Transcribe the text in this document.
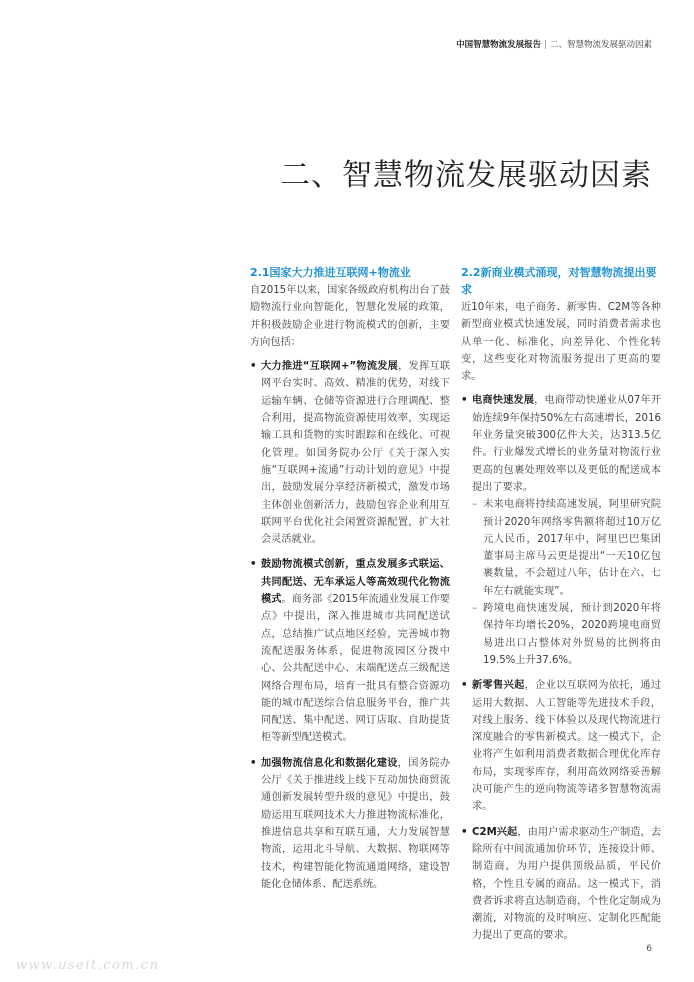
中国智慧物流发展报告 | 二、智慧物流发展驱动因素
二、智慧物流发展驱动因素
2.1国家大力推进互联网+物流业

自2015年以来，国家各级政府机构出台了鼓励物流行业向智能化，智慧化发展的政策，并积极鼓励企业进行物流模式的创新，主要方向包括：

• 大力推进“互联网+”物流发展，发挥互联网平台实时、高效、精准的优势，对线下运输车辆、仓储等资源进行合理调配、整合利用，提高物流资源使用效率，实现运输工具和货物的实时跟踪和在线化、可视化管理。如国务院办公厅《关于深入实施“互联网+流通”行动计划的意见》中提出，鼓励发展分享经济新模式，激发市场主体创业创新活力，鼓励包容企业利用互联网平台优化社会闲置资源配置，扩大社会灵活就业。
• 鼓励物流模式创新，重点发展多式联运、共同配送、无车承运人等高效现代化物流模式。商务部《2015年流通业发展工作要点》中提出，深入推进城市共同配送试点，总结推广试点地区经验，完善城市物流配送服务体系，促进物流园区分拨中心、公共配送中心、末端配送点三级配送网络合理布局，培育一批具有整合资源功能的城市配送综合信息服务平台，推广共同配送、集中配送、网订店取、自助提货柜等新型配送模式。
• 加强物流信息化和数据化建设，国务院办公厅《关于推进线上线下互动加快商贸流通创新发展转型升级的意见》中提出，鼓励运用互联网技术大力推进物流标准化，推进信息共享和互联互通，大力发展智慧物流，运用北斗导航、大数据、物联网等技术，构建智能化物流通道网络，建设智能化仓储体系、配送系统。
2.2新商业模式涌现，对智慧物流提出要求

近10年来，电子商务、新零售、C2M等各种新型商业模式快速发展，同时消费者需求也从单一化、标准化，向差异化、个性化转变，这些变化对物流服务提出了更高的要求。

• 电商快速发展，电商带动快递业从07年开始连续9年保持50%左右高速增长，2016年业务量突破300亿件大关，达313.5亿件。行业爆发式增长的业务量对物流行业更高的包裹处理效率以及更低的配送成本提出了要求。
– 未来电商将持续高速发展，阿里研究院预计2020年网络零售额将超过10万亿元人民币，2017年中，阿里巴巴集团董事局主席马云更是提出“一天10亿包裹数量，不会超过八年，估计在六、七年左右就能实现”。
– 跨境电商快速发展，预计到2020年将保持年均增长20%，2020跨境电商贸易进出口占整体对外贸易的比例将由19.5%上升37.6%。
• 新零售兴起，企业以互联网为依托，通过运用大数据、人工智能等先进技术手段，对线上服务、线下体验以及现代物流进行深度融合的零售新模式。这一模式下，企业将产生如利用消费者数据合理优化库存布局，实现零库存，利用高效网络妥善解决可能产生的逆向物流等诸多智慧物流需求。
• C2M兴起，由用户需求驱动生产制造，去除所有中间流通加价环节，连接设计师、制造商，为用户提供顶级品质，平民价格，个性且专属的商品。这一模式下，消费者诉求将直达制造商，个性化定制成为潮流，对物流的及时响应、定制化匹配能力提出了更高的要求。
6
www.useit.com.cn
